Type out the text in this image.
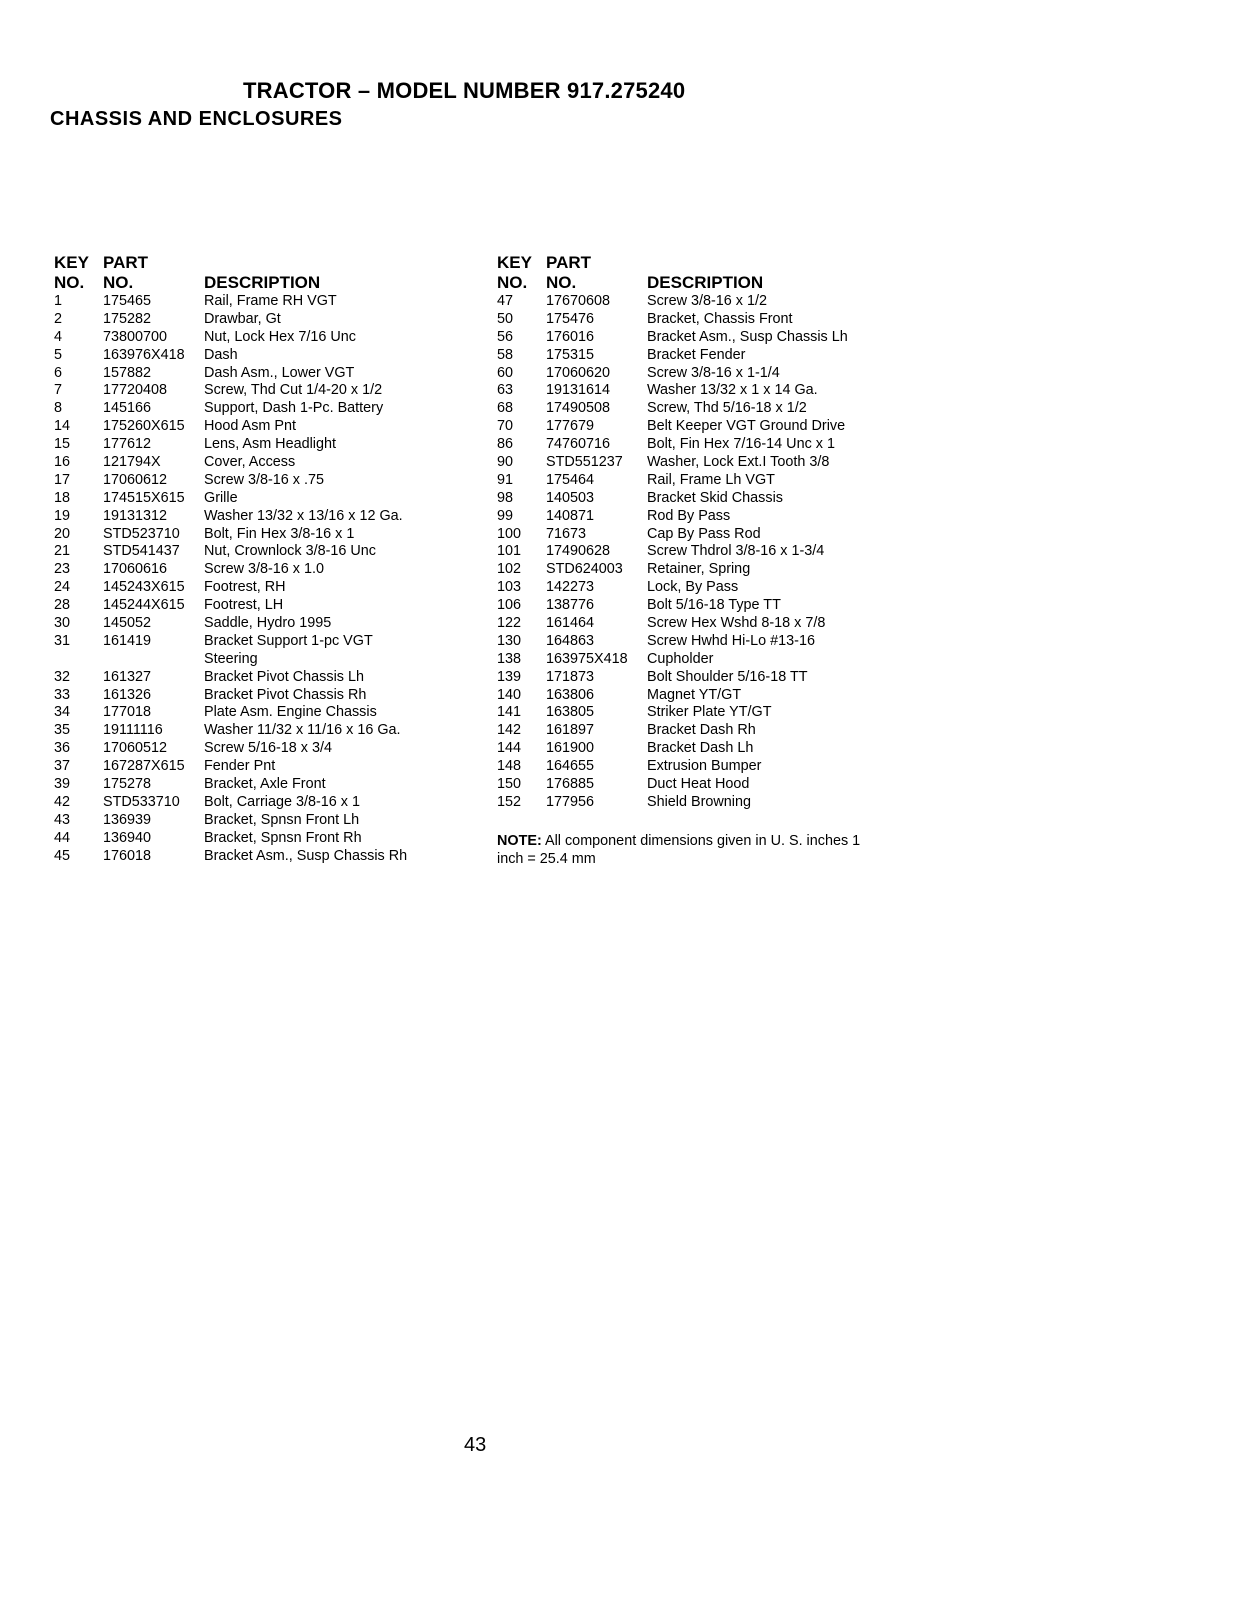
TRACTOR – MODEL NUMBER 917.275240
CHASSIS AND ENCLOSURES
KEY
NO.
PART
NO.	DESCRIPTION
1	175465	Rail, Frame RH VGT
2	175282	Drawbar, Gt
4	73800700	Nut, Lock Hex 7/16 Unc
5	163976X418 Dash
6	157882	Dash Asm., Lower VGT
7	17720408	Screw, Thd Cut 1/4-20 x 1/2
8	145166	Support, Dash 1-Pc. Battery
14 175260X615 Hood Asm Pnt
15 177612	Lens, Asm Headlight
16 121794X	Cover, Access
17 17060612	Screw 3/8-16 x .75
18 174515X615 Grille
19 19131312	Washer 13/32 x 13/16 x 12 Ga.
20 STD523710 Bolt, Fin Hex 3/8-16 x 1
21 STD541437 Nut, Crownlock 3/8-16 Unc
23 17060616	Screw 3/8-16 x 1.0
24 145243X615 Footrest, RH
28 145244X615 Footrest, LH
30 145052	Saddle, Hydro 1995
31 161419	Bracket Support 1-pc VGT
Steering
32 161327	Bracket Pivot Chassis Lh
33 161326	Bracket Pivot Chassis Rh
34 177018	Plate Asm. Engine Chassis
35 19111116	Washer 11/32 x 11/16 x 16 Ga.
36 17060512	Screw 5/16-18 x 3/4
37 167287X615 Fender Pnt
39 175278	Bracket, Axle Front
42 STD533710 Bolt, Carriage 3/8-16 x 1
43 136939	Bracket, Spnsn Front Lh
44 136940	Bracket, Spnsn Front Rh
45 176018	Bracket Asm., Susp Chassis Rh
KEY
NO.
PART
NO.	DESCRIPTION
47 17670608	Screw 3/8-16 x 1/2
50 175476	Bracket, Chassis Front
56 176016	Bracket Asm., Susp Chassis Lh
58 175315	Bracket Fender
60 17060620	Screw 3/8-16 x 1-1/4
63 19131614	Washer 13/32 x 1 x 14 Ga.
68 17490508	Screw, Thd 5/16-18 x 1/2
70 177679	Belt Keeper VGT Ground Drive
86 74760716	Bolt, Fin Hex 7/16-14 Unc x 1
90 STD551237 Washer, Lock Ext.I Tooth 3/8
91 175464	Rail, Frame Lh VGT
98 140503	Bracket Skid Chassis
99 140871	Rod By Pass
100 71673	Cap By Pass Rod
101 17490628	Screw Thdrol 3/8-16 x 1-3/4
102 STD624003 Retainer, Spring
103 142273	Lock, By Pass
106 138776	Bolt 5/16-18 Type TT
122 161464	Screw Hex Wshd 8-18 x 7/8
130 164863	Screw Hwhd Hi-Lo #13-16
138 163975X418 Cupholder
139 171873	Bolt Shoulder 5/16-18 TT
140 163806	Magnet YT/GT
141 163805	Striker Plate YT/GT
142 161897	Bracket Dash Rh
144 161900	Bracket Dash Lh
148 164655	Extrusion Bumper
150 176885	Duct Heat Hood
152 177956	Shield Browning
NOTE: All component dimensions given in U. S. inches 1 inch = 25.4 mm
43
